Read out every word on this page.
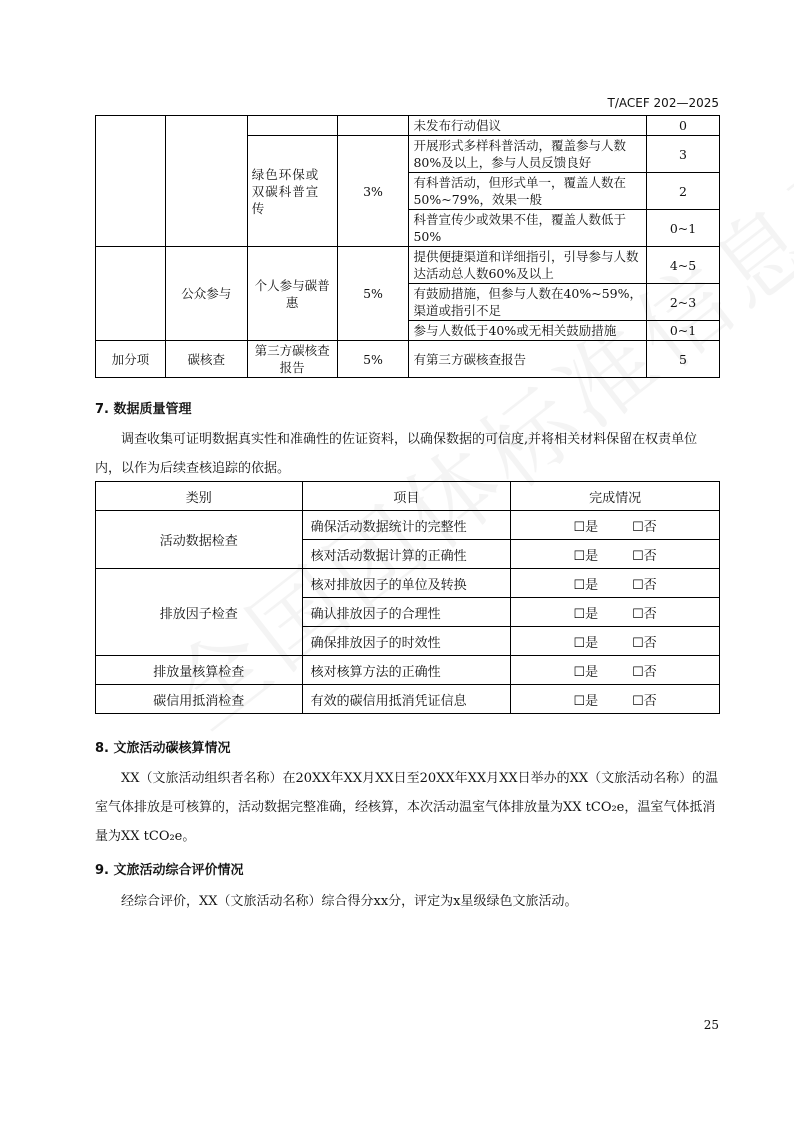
T/ACEF 202—2025
				未发布行动倡议	0
		绿色环保或双碳科普宣传	3%	开展形式多样科普活动，覆盖参与人数80%及以上，参与人员反馈良好	3
				有科普活动，但形式单一，覆盖人数在50%~79%，效果一般	2
				科普宣传少或效果不佳，覆盖人数低于50%	0~1
	公众参与	个人参与碳普惠	5%	提供便捷渠道和详细指引，引导参与人数达活动总人数60%及以上	4~5
				有鼓励措施，但参与人数在40%~59%，渠道或指引不足	2~3
				参与人数低于40%或无相关鼓励措施	0~1
加分项	碳核查	第三方碳核查报告	5%	有第三方碳核查报告	5
7. 数据质量管理
调查收集可证明数据真实性和准确性的佐证资料，以确保数据的可信度,并将相关材料保留在权责单位内，以作为后续查核追踪的依据。
类别	项目	完成情况
活动数据检查	确保活动数据统计的完整性	☐是 ☐否

	核对活动数据计算的正确性	☐是 ☐否

排放因子检查	核对排放因子的单位及转换	☐是 ☐否

	确认排放因子的合理性	☐是 ☐否

	确保排放因子的时效性	☐是 ☐否

排放量核算检查	核对核算方法的正确性	☐是 ☐否

碳信用抵消检查	有效的碳信用抵消凭证信息	☐是 ☐否
8. 文旅活动碳核算情况
XX（文旅活动组织者名称）在20XX年XX月XX日至20XX年XX月XX日举办的XX（文旅活动名称）的温室气体排放是可核算的，活动数据完整准确，经核算，本次活动温室气体排放量为XX tCO₂e，温室气体抵消量为XX tCO₂e。
9. 文旅活动综合评价情况
经综合评价，XX（文旅活动名称）综合得分xx分，评定为x星级绿色文旅活动。
25
